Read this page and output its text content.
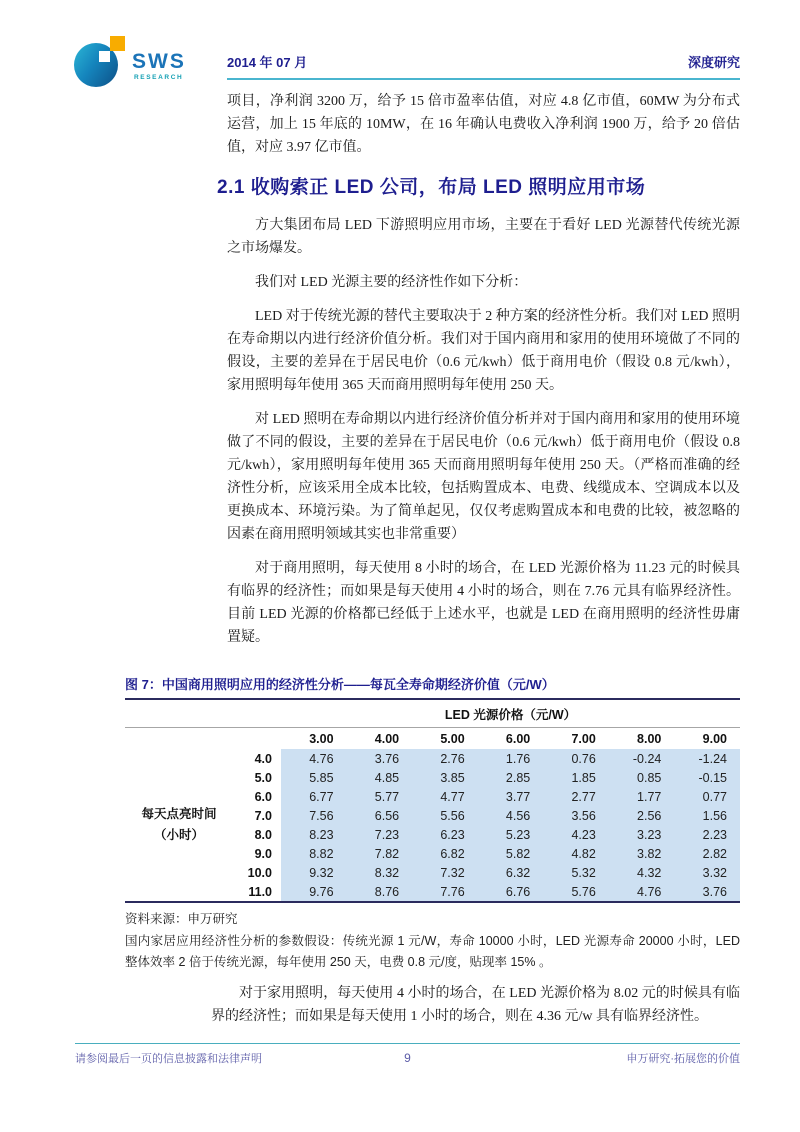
SWS
RESEARCH
2014 年 07 月	深度研究

项目，净利润 3200 万，给予 15 倍市盈率估值，对应 4.8 亿市值，60MW 为分布式运营，加上 15 年底的 10MW，在 16 年确认电费收入净利润 1900 万，给予 20 倍估值，对应 3.97 亿市值。

2.1 收购索正 LED 公司，布局 LED 照明应用市场

方大集团布局 LED 下游照明应用市场，主要在于看好 LED 光源替代传统光源之市场爆发。

我们对 LED 光源主要的经济性作如下分析：

LED 对于传统光源的替代主要取决于 2 种方案的经济性分析。我们对 LED 照明在寿命期以内进行经济价值分析。我们对于国内商用和家用的使用环境做了不同的假设，主要的差异在于居民电价（0.6 元/kwh）低于商用电价（假设 0.8 元/kwh），家用照明每年使用 365 天而商用照明每年使用 250 天。

对 LED 照明在寿命期以内进行经济价值分析并对于国内商用和家用的使用环境做了不同的假设，主要的差异在于居民电价（0.6 元/kwh）低于商用电价（假设 0.8 元/kwh），家用照明每年使用 365 天而商用照明每年使用 250 天。（严格而准确的经济性分析，应该采用全成本比较，包括购置成本、电费、线缆成本、空调成本以及更换成本、环境污染。为了简单起见，仅仅考虑购置成本和电费的比较，被忽略的因素在商用照明领域其实也非常重要）

对于商用照明，每天使用 8 小时的场合，在 LED 光源价格为 11.23 元的时候具有临界的经济性；而如果是每天使用 4 小时的场合，则在 7.76 元具有临界经济性。目前 LED 光源的价格都已经低于上述水平，也就是 LED 在商用照明的经济性毋庸置疑。

图 7：中国商用照明应用的经济性分析——每瓦全寿命期经济价值（元/W）
		LED 光源价格（元/W）						
		3.00	4.00	5.00	6.00	7.00	8.00	9.00
每天点亮时间
（小时）	4.0	4.76	3.76	2.76	1.76	0.76	-0.24	-1.24
	5.0	5.85	4.85	3.85	2.85	1.85	0.85	-0.15
	6.0	6.77	5.77	4.77	3.77	2.77	1.77	0.77
	7.0	7.56	6.56	5.56	4.56	3.56	2.56	1.56
	8.0	8.23	7.23	6.23	5.23	4.23	3.23	2.23
	9.0	8.82	7.82	6.82	5.82	4.82	3.82	2.82
	10.0	9.32	8.32	7.32	6.32	5.32	4.32	3.32
	11.0	9.76	8.76	7.76	6.76	5.76	4.76	3.76
资料来源：申万研究
国内家居应用经济性分析的参数假设：传统光源 1 元/W，寿命 10000 小时，LED 光源寿命 20000 小时，LED 整体效率 2 倍于传统光源，每年使用 250 天，电费 0.8 元/度，贴现率 15% 。

对于家用照明，每天使用 4 小时的场合，在 LED 光源价格为 8.02 元的时候具有临界的经济性；而如果是每天使用 1 小时的场合，则在 4.36 元/w 具有临界经济性。

请参阅最后一页的信息披露和法律声明	9	申万研究·拓展您的价值
